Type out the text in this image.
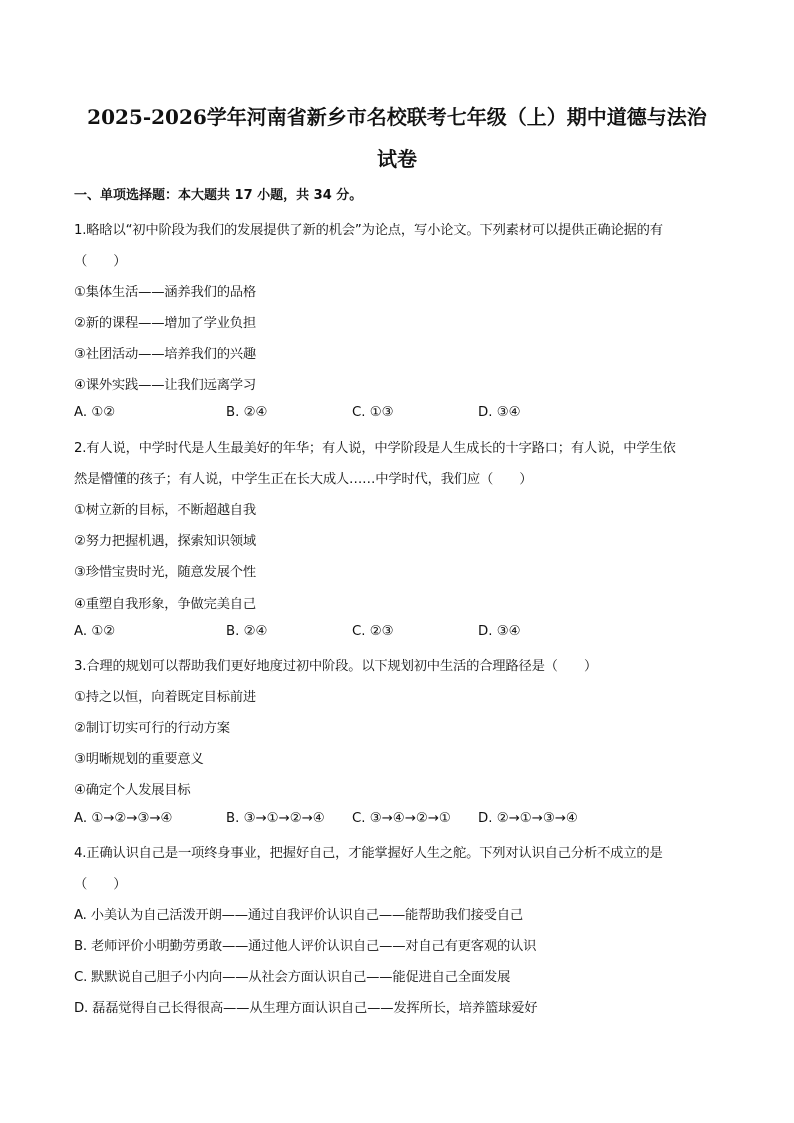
2025-2026学年河南省新乡市名校联考七年级（上）期中道德与法治
试卷
一、单项选择题：本大题共 17 小题，共 34 分。
1.略晗以“初中阶段为我们的发展提供了新的机会”为论点，写小论文。下列素材可以提供正确论据的有
（　　）
①集体生活——涵养我们的品格
②新的课程——增加了学业负担
③社团活动——培养我们的兴趣
④课外实践——让我们远离学习
A. ①②	B. ②④	C. ①③	D. ③④
2.有人说，中学时代是人生最美好的年华；有人说，中学阶段是人生成长的十字路口；有人说，中学生依
然是懵懂的孩子；有人说，中学生正在长大成人……中学时代，我们应（　　）
①树立新的目标，不断超越自我
②努力把握机遇，探索知识领域
③珍惜宝贵时光，随意发展个性
④重塑自我形象，争做完美自己
A. ①②	B. ②④	C. ②③	D. ③④
3.合理的规划可以帮助我们更好地度过初中阶段。以下规划初中生活的合理路径是（　　）
①持之以恒，向着既定目标前进
②制订切实可行的行动方案
③明晰规划的重要意义
④确定个人发展目标
A. ①→②→③→④	B. ③→①→②→④ C. ③→④→②→① D. ②→①→③→④
4.正确认识自己是一项终身事业，把握好自己，才能掌握好人生之舵。下列对认识自己分析不成立的是
（　　）
A. 小美认为自己活泼开朗——通过自我评价认识自己——能帮助我们接受自己
B. 老师评价小明勤劳勇敢——通过他人评价认识自己——对自己有更客观的认识
C. 默默说自己胆子小内向——从社会方面认识自己——能促进自己全面发展
D. 磊磊觉得自己长得很高——从生理方面认识自己——发挥所长，培养篮球爱好
